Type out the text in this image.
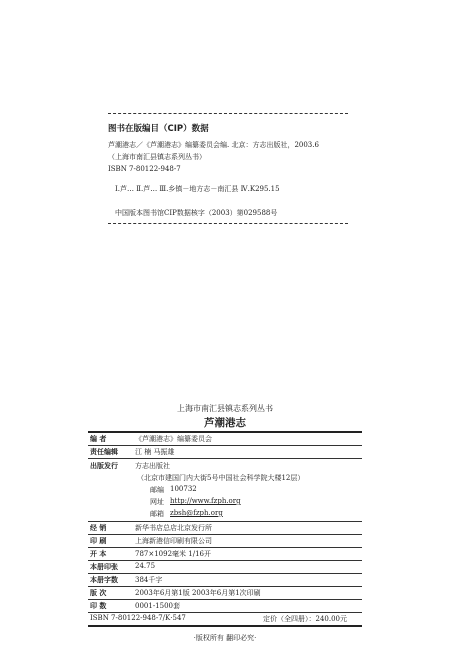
图书在版编目（CIP）数据
芦潮港志／《芦潮港志》编纂委员会编. 北京：方志出版社，2003.6
（上海市南汇县镇志系列丛书）
ISBN 7-80122-948-7
Ⅰ.芦… Ⅱ.芦… Ⅲ.乡镇－地方志－南汇县 Ⅳ.K295.15
中国版本图书馆CIP数据核字（2003）第029588号
上海市南汇县镇志系列丛书
芦潮港志
编 者	《芦潮港志》编纂委员会
责任编辑 江 楠 马振雄
出版发行 方志出版社
（北京市建国门内大街5号中国社会科学院大楼12层）
邮编 100732
网址 http://www.fzph.org
邮箱 zbsh@fzph.org
经 销	新华书店总店北京发行所
印 刷	上海新港信印刷有限公司
开 本	787×1092毫米 1/16开
本册印张 24.75
本册字数 384千字
版 次	2003年6月第1版 2003年6月第1次印刷
印 数	0001-1500套
ISBN 7-80122-948-7/K·547	定价（全四册）：240.00元
·版权所有 翻印必究·
